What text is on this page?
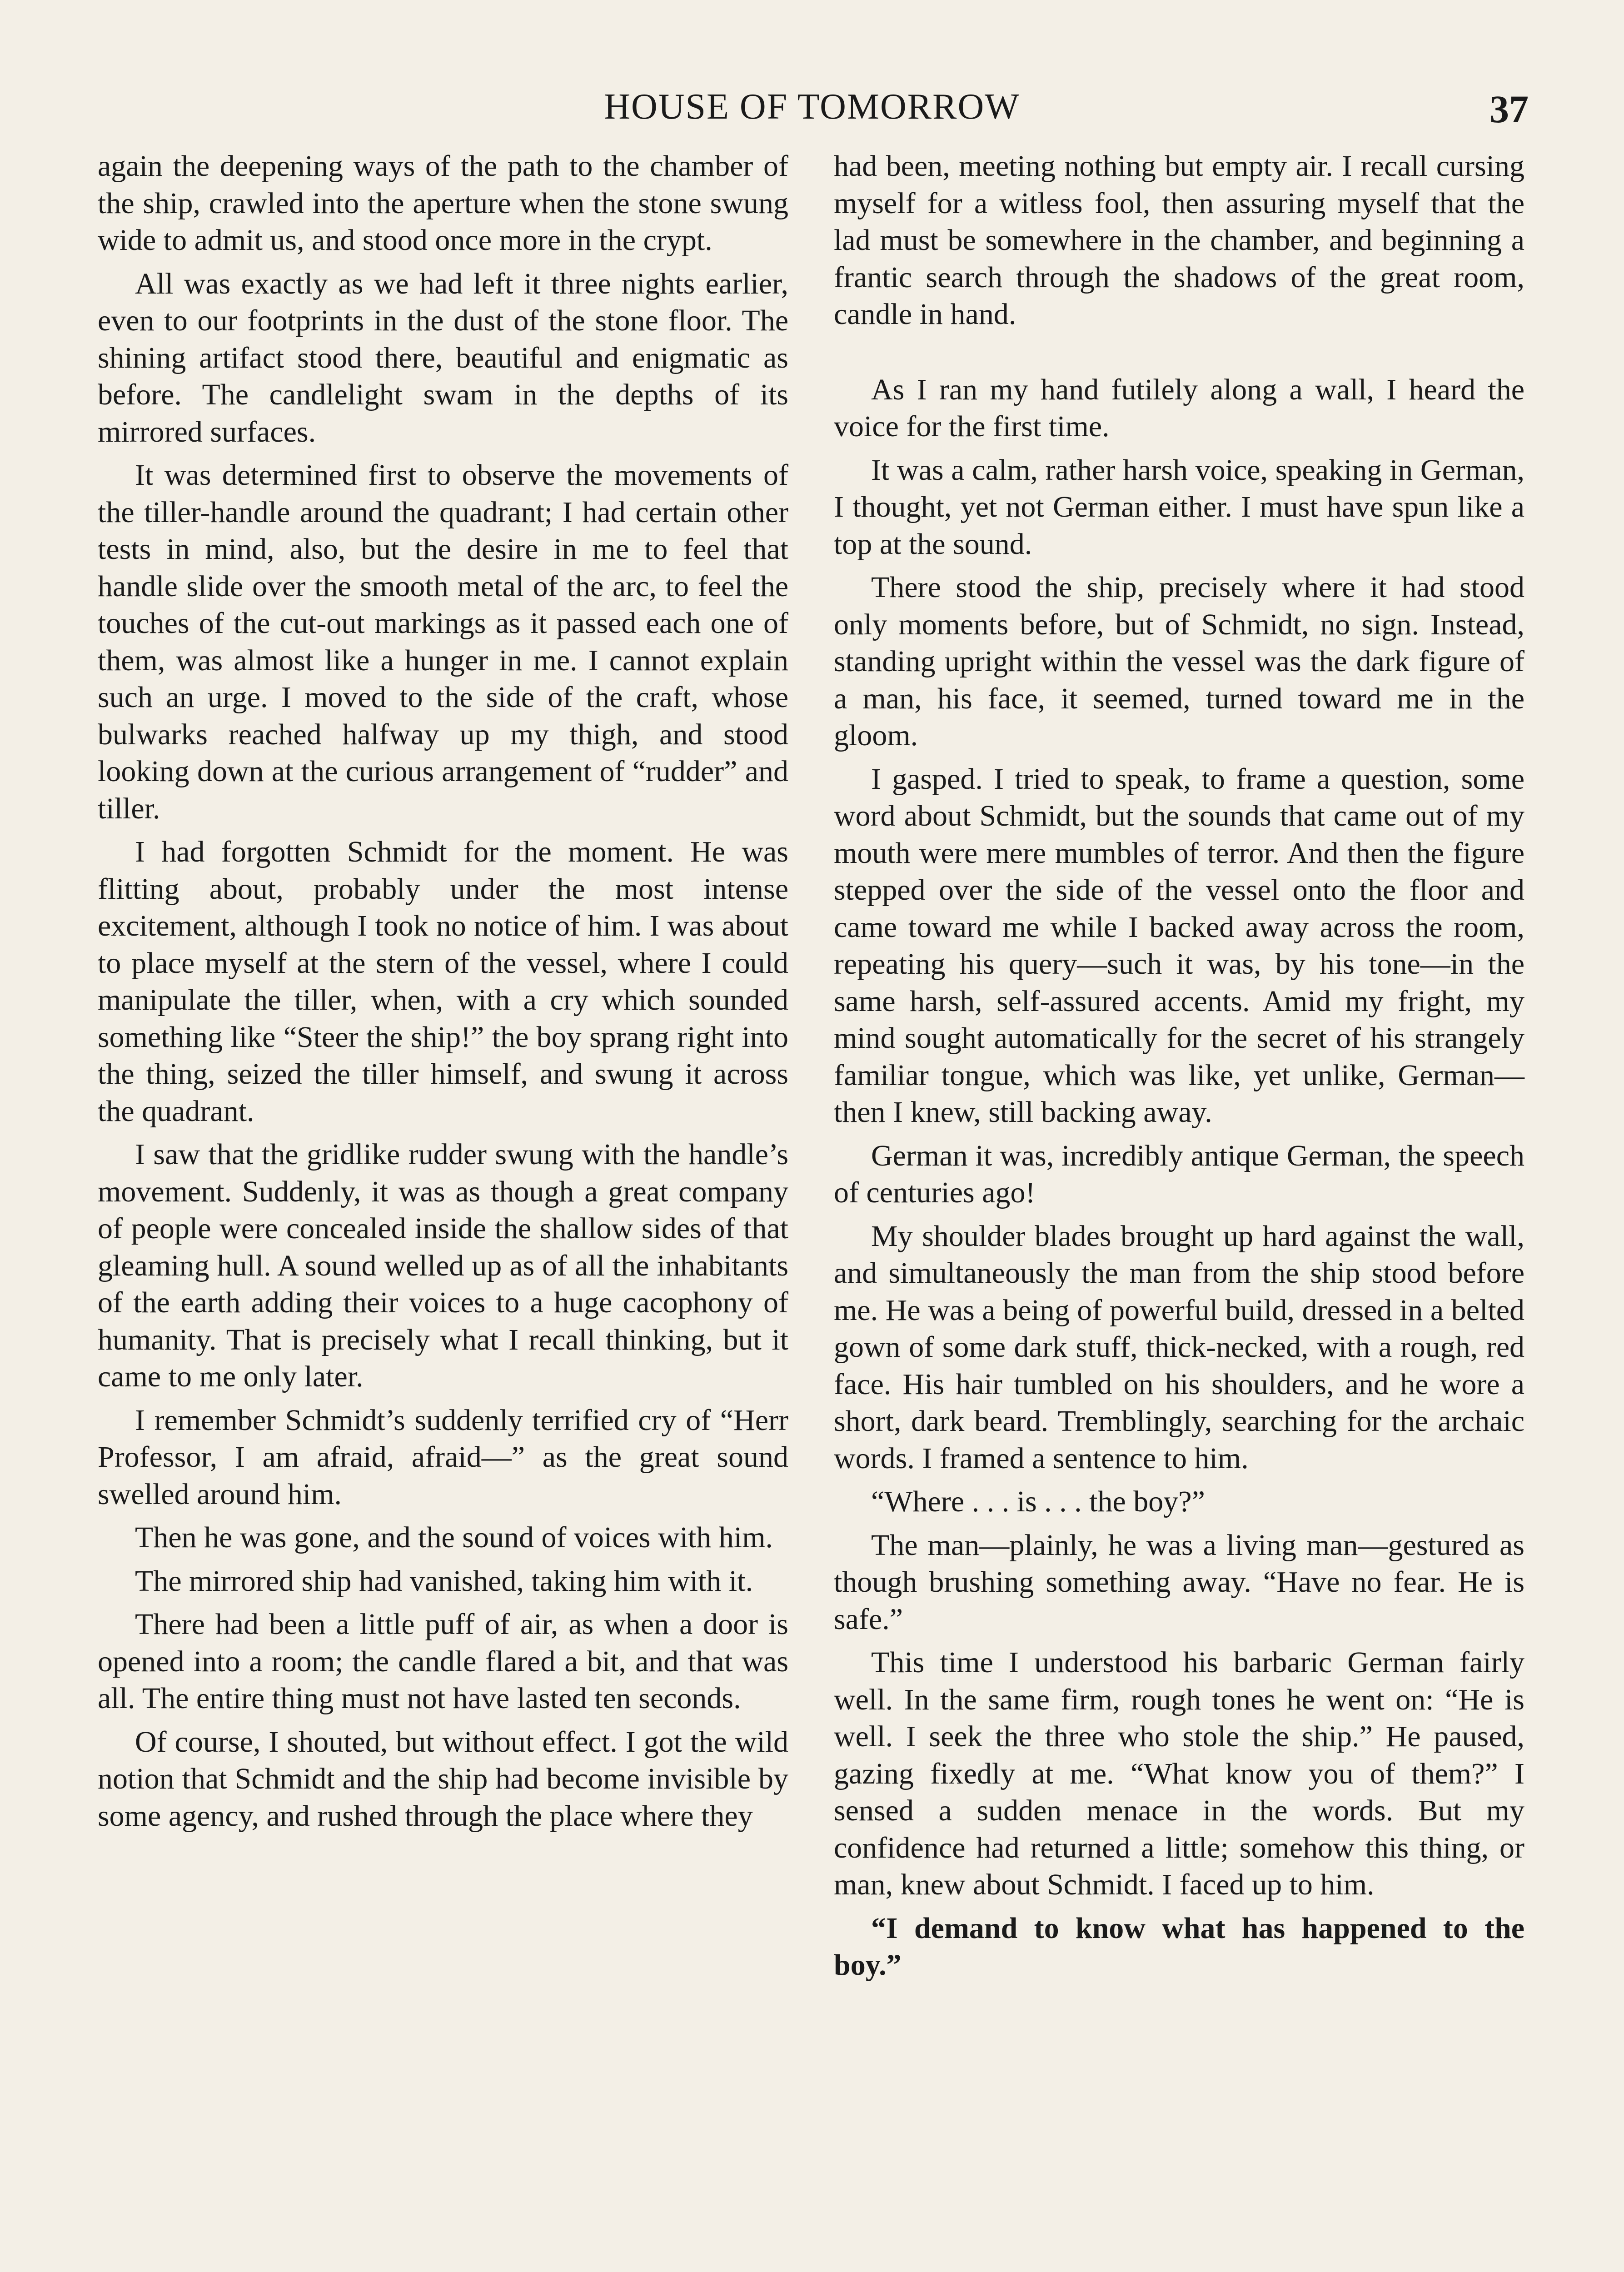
HOUSE OF TOMORROW	37

again the deepening ways of the path to the chamber of the ship, crawled into the aperture when the stone swung wide to admit us, and stood once more in the crypt.

All was exactly as we had left it three nights earlier, even to our footprints in the dust of the stone floor. The shining artifact stood there, beautiful and enigmatic as before. The candlelight swam in the depths of its mirrored surfaces.

It was determined first to observe the movements of the tiller-handle around the quadrant; I had certain other tests in mind, also, but the desire in me to feel that handle slide over the smooth metal of the arc, to feel the touches of the cut-out markings as it passed each one of them, was almost like a hunger in me. I cannot explain such an urge. I moved to the side of the craft, whose bulwarks reached halfway up my thigh, and stood looking down at the curious arrangement of “rudder” and tiller.

I had forgotten Schmidt for the moment. He was flitting about, probably under the most intense excitement, although I took no notice of him. I was about to place myself at the stern of the vessel, where I could manipulate the tiller, when, with a cry which sounded something like “Steer the ship!” the boy sprang right into the thing, seized the tiller himself, and swung it across the quadrant.

I saw that the gridlike rudder swung with the handle’s movement. Suddenly, it was as though a great company of people were concealed inside the shallow sides of that gleaming hull. A sound welled up as of all the inhabitants of the earth adding their voices to a huge cacophony of humanity. That is precisely what I recall thinking, but it came to me only later.

I remember Schmidt’s suddenly terrified cry of “Herr Professor, I am afraid, afraid—” as the great sound swelled around him.

Then he was gone, and the sound of voices with him.

The mirrored ship had vanished, taking him with it.

There had been a little puff of air, as when a door is opened into a room; the candle flared a bit, and that was all. The entire thing must not have lasted ten seconds.

Of course, I shouted, but without effect. I got the wild notion that Schmidt and the ship had become invisible by some agency, and rushed through the place where they

had been, meeting nothing but empty air. I recall cursing myself for a witless fool, then assuring myself that the lad must be somewhere in the chamber, and beginning a frantic search through the shadows of the great room, candle in hand.

As I ran my hand futilely along a wall, I heard the voice for the first time.

It was a calm, rather harsh voice, speaking in German, I thought, yet not German either. I must have spun like a top at the sound.

There stood the ship, precisely where it had stood only moments before, but of Schmidt, no sign. Instead, standing upright within the vessel was the dark figure of a man, his face, it seemed, turned toward me in the gloom.

I gasped. I tried to speak, to frame a question, some word about Schmidt, but the sounds that came out of my mouth were mere mumbles of terror. And then the figure stepped over the side of the vessel onto the floor and came toward me while I backed away across the room, repeating his query—such it was, by his tone—in the same harsh, self-assured accents. Amid my fright, my mind sought automatically for the secret of his strangely familiar tongue, which was like, yet unlike, German—then I knew, still backing away.

German it was, incredibly antique German, the speech of centuries ago!

My shoulder blades brought up hard against the wall, and simultaneously the man from the ship stood before me. He was a being of powerful build, dressed in a belted gown of some dark stuff, thick-necked, with a rough, red face. His hair tumbled on his shoulders, and he wore a short, dark beard. Tremblingly, searching for the archaic words. I framed a sentence to him.

“Where . . . is . . . the boy?”

The man—plainly, he was a living man—gestured as though brushing something away. “Have no fear. He is safe.”

This time I understood his barbaric German fairly well. In the same firm, rough tones he went on: “He is well. I seek the three who stole the ship.” He paused, gazing fixedly at me. “What know you of them?” I sensed a sudden menace in the words. But my confidence had returned a little; somehow this thing, or man, knew about Schmidt. I faced up to him.

“I demand to know what has happened to the boy.”
